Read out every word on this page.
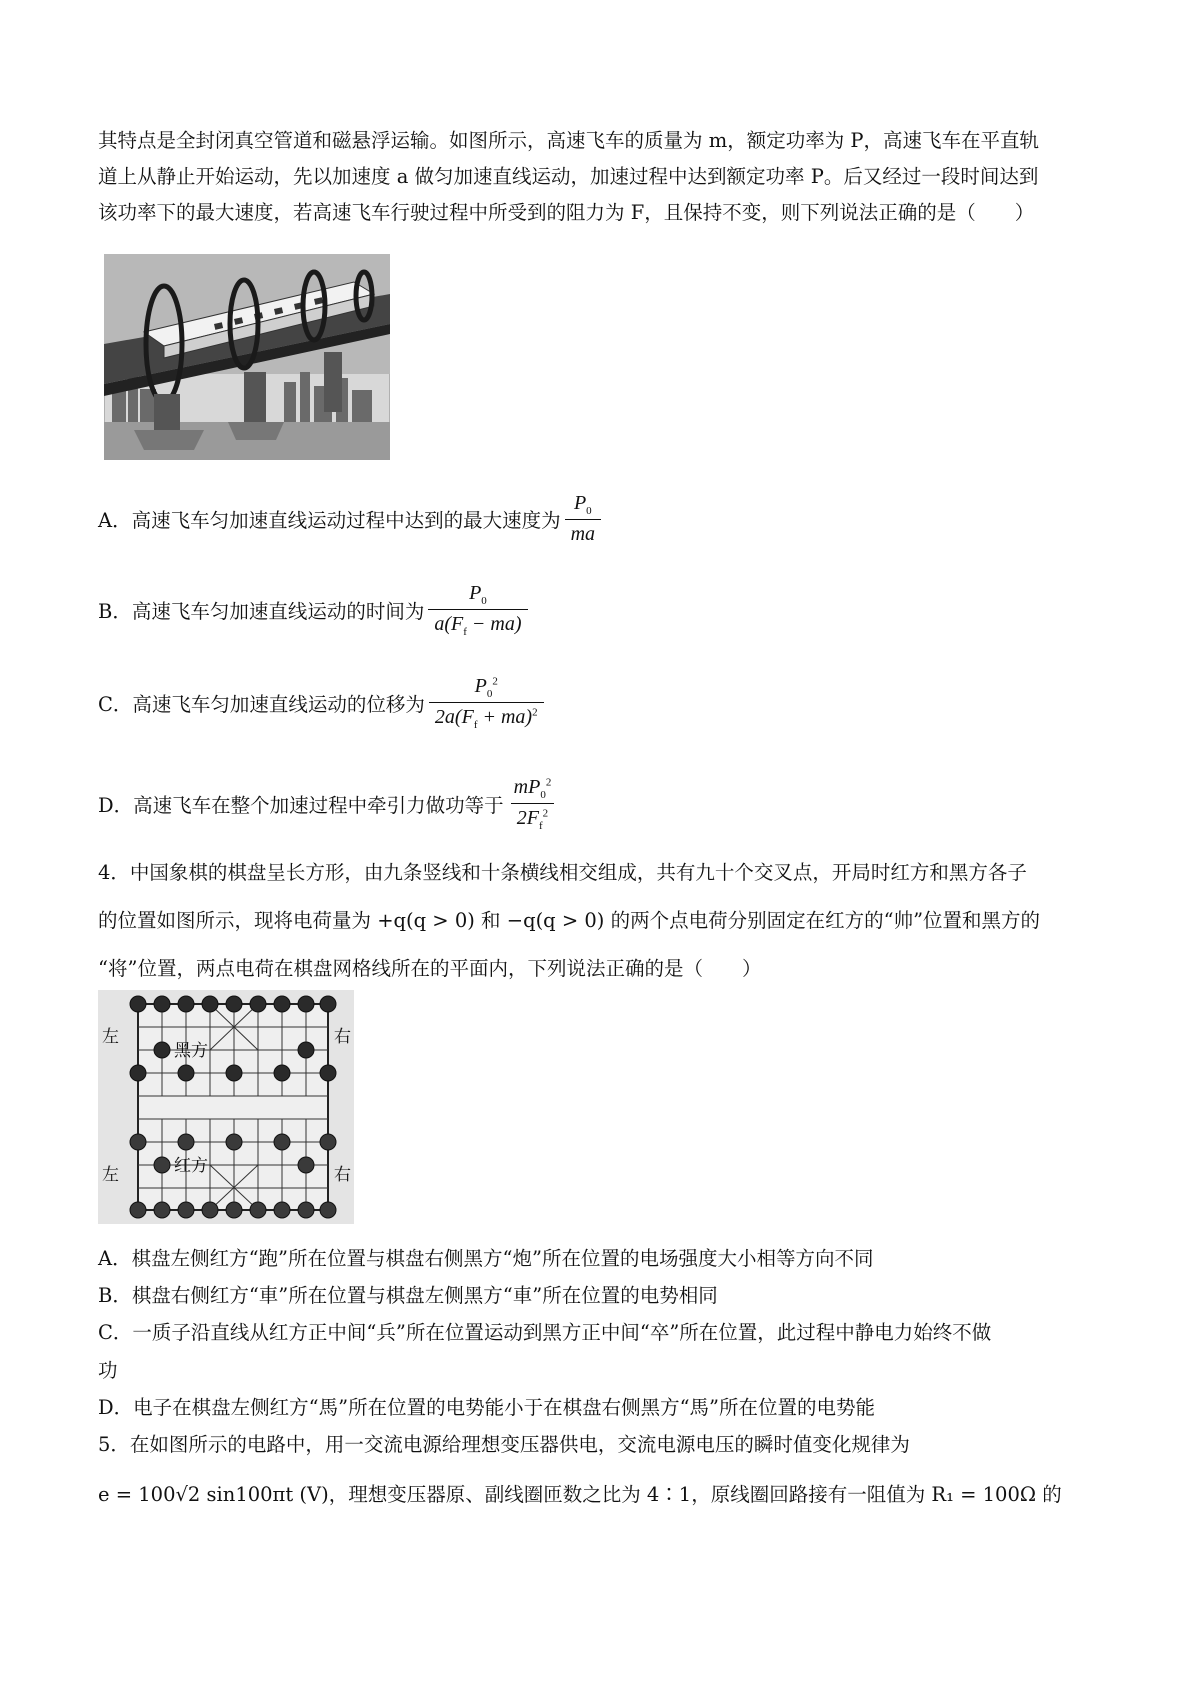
其特点是全封闭真空管道和磁悬浮运输。如图所示，高速飞车的质量为 m，额定功率为 P，高速飞车在平直轨
道上从静止开始运动，先以加速度 a 做匀加速直线运动，加速过程中达到额定功率 P。后又经过一段时间达到
该功率下的最大速度，若高速飞车行驶过程中所受到的阻力为 F，且保持不变，则下列说法正确的是（　　）
A．高速飞车匀加速直线运动过程中达到的最大速度为 $\frac{P_0}{ma}$
B．高速飞车匀加速直线运动的时间为 $\frac{P_0}{a(F_f - ma)}$
C．高速飞车匀加速直线运动的位移为 $\frac{P_0^2}{2a(F_f + ma)^2}$
D．高速飞车在整个加速过程中牵引力做功等于 $\frac{mP_0^2}{2F_f^2}$
4．中国象棋的棋盘呈长方形，由九条竖线和十条横线相交组成，共有九十个交叉点，开局时红方和黑方各子
的位置如图所示，现将电荷量为 +q(q > 0) 和 −q(q > 0) 的两个点电荷分别固定在红方的“帅”位置和黑方的
“将”位置，两点电荷在棋盘网格线所在的平面内，下列说法正确的是（　　）
左	右
黑方
左	右
红方
A．棋盘左侧红方“跑”所在位置与棋盘右侧黑方“炮”所在位置的电场强度大小相等方向不同
B．棋盘右侧红方“車”所在位置与棋盘左侧黑方“車”所在位置的电势相同
C．一质子沿直线从红方正中间“兵”所在位置运动到黑方正中间“卒”所在位置，此过程中静电力始终不做
功
D．电子在棋盘左侧红方“馬”所在位置的电势能小于在棋盘右侧黑方“馬”所在位置的电势能
5．在如图所示的电路中，用一交流电源给理想变压器供电，交流电源电压的瞬时值变化规律为
e = 100√2 sin100πt (V)，理想变压器原、副线圈匝数之比为 4∶1，原线圈回路接有一阻值为 R₁ = 100Ω 的
